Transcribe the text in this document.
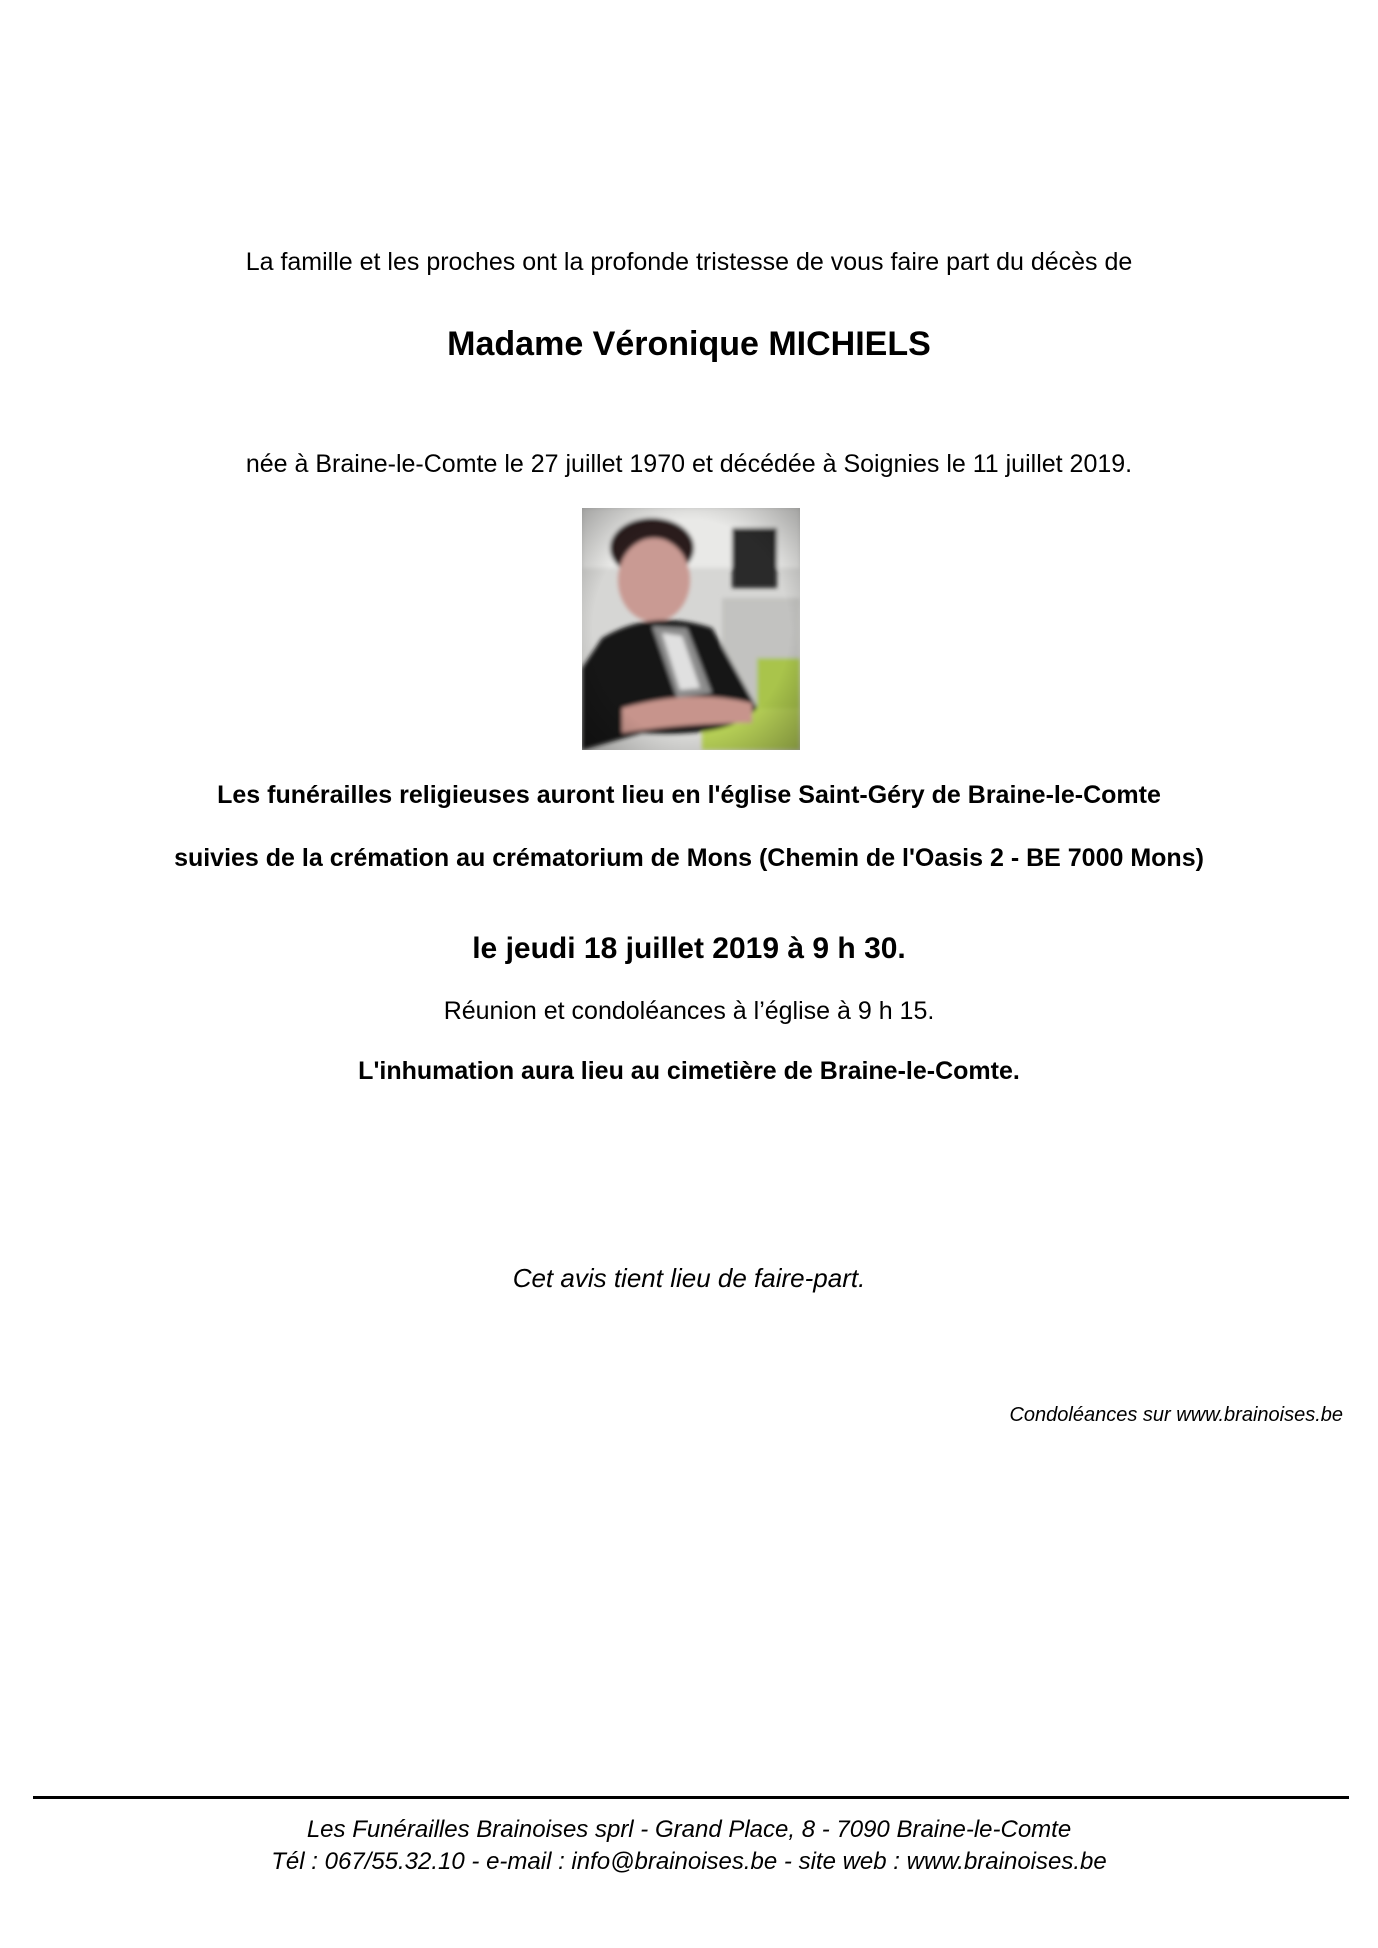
La famille et les proches ont la profonde tristesse de vous faire part du décès de
Madame Véronique MICHIELS
née à Braine-le-Comte le 27 juillet 1970 et décédée à Soignies le 11 juillet 2019.
Les funérailles religieuses auront lieu en l'église Saint-Géry de Braine-le-Comte
suivies de la crémation au crématorium de Mons (Chemin de l'Oasis 2 - BE 7000 Mons)
le jeudi 18 juillet 2019 à 9 h 30.
Réunion et condoléances à l’église à 9 h 15.
L'inhumation aura lieu au cimetière de Braine-le-Comte.
Cet avis tient lieu de faire-part.
Condoléances sur www.brainoises.be
Les Funérailles Brainoises sprl - Grand Place, 8 - 7090 Braine-le-Comte
Tél : 067/55.32.10 - e-mail : info@brainoises.be - site web : www.brainoises.be
